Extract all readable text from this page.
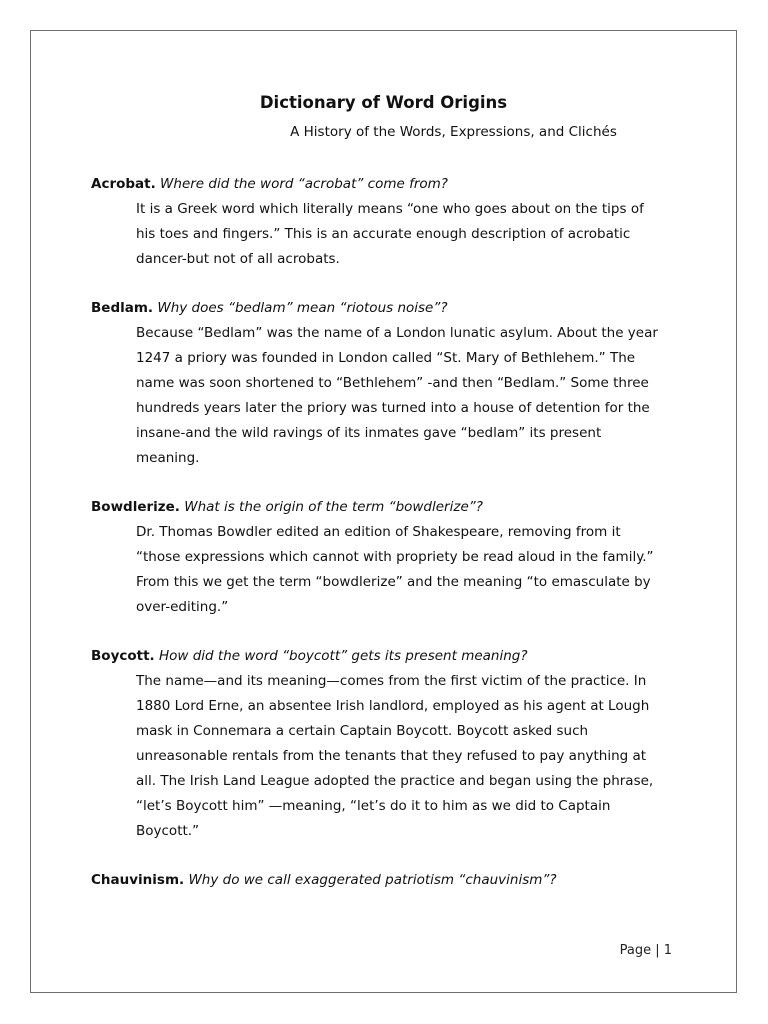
Dictionary of Word Origins
A History of the Words, Expressions, and Clichés
Acrobat. Where did the word “acrobat” come from?
It is a Greek word which literally means “one who goes about on the tips of
his toes and fingers.” This is an accurate enough description of acrobatic
dancer-but not of all acrobats.
Bedlam. Why does “bedlam” mean “riotous noise”?
Because “Bedlam” was the name of a London lunatic asylum. About the year
1247 a priory was founded in London called “St. Mary of Bethlehem.” The
name was soon shortened to “Bethlehem” -and then “Bedlam.” Some three
hundreds years later the priory was turned into a house of detention for the
insane-and the wild ravings of its inmates gave “bedlam” its present
meaning.
Bowdlerize. What is the origin of the term “bowdlerize”?
Dr. Thomas Bowdler edited an edition of Shakespeare, removing from it
“those expressions which cannot with propriety be read aloud in the family.”
From this we get the term “bowdlerize” and the meaning “to emasculate by
over-editing.”
Boycott. How did the word “boycott” gets its present meaning?
The name—and its meaning—comes from the first victim of the practice. In
1880 Lord Erne, an absentee Irish landlord, employed as his agent at Lough
mask in Connemara a certain Captain Boycott. Boycott asked such
unreasonable rentals from the tenants that they refused to pay anything at
all. The Irish Land League adopted the practice and began using the phrase,
“let’s Boycott him” —meaning, “let’s do it to him as we did to Captain
Boycott.”
Chauvinism. Why do we call exaggerated patriotism “chauvinism”?
Page | 1
